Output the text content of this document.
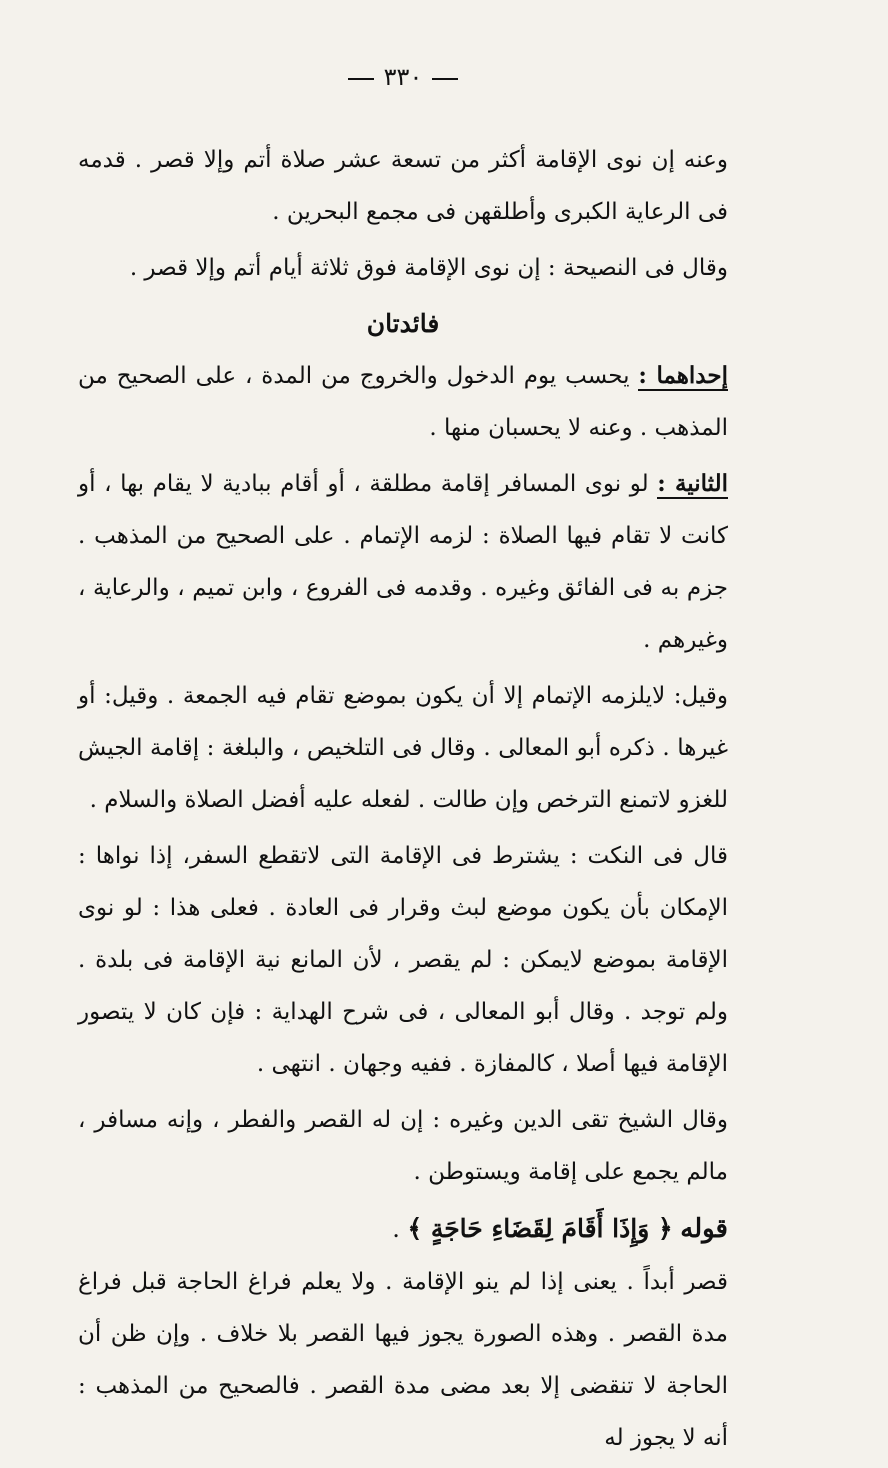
٣٣٠

وعنه إن نوى الإقامة أكثر من تسعة عشر صلاة أتم وإلا قصر . قدمه فى الرعاية الكبرى وأطلقهن فى مجمع البحرين .

وقال فى النصيحة : إن نوى الإقامة فوق ثلاثة أيام أتم وإلا قصر .

فائدتان

إحداهما : يحسب يوم الدخول والخروج من المدة ، على الصحيح من المذهب . وعنه لا يحسبان منها .

الثانية : لو نوى المسافر إقامة مطلقة ، أو أقام ببادية لا يقام بها ، أو كانت لا تقام فيها الصلاة : لزمه الإتمام . على الصحيح من المذهب . جزم به فى الفائق وغيره . وقدمه فى الفروع ، وابن تميم ، والرعاية ، وغيرهم .

وقيل: لايلزمه الإتمام إلا أن يكون بموضع تقام فيه الجمعة . وقيل: أو غيرها . ذكره أبو المعالى . وقال فى التلخيص ، والبلغة : إقامة الجيش للغزو لاتمنع الترخص وإن طالت . لفعله عليه أفضل الصلاة والسلام .

قال فى النكت : يشترط فى الإقامة التى لاتقطع السفر، إذا نواها : الإمكان بأن يكون موضع لبث وقرار فى العادة . فعلى هذا : لو نوى الإقامة بموضع لايمكن : لم يقصر ، لأن المانع نية الإقامة فى بلدة . ولم توجد . وقال أبو المعالى ، فى شرح الهداية : فإن كان لا يتصور الإقامة فيها أصلا ، كالمفازة . ففيه وجهان . انتهى .

وقال الشيخ تقى الدين وغيره : إن له القصر والفطر ، وإنه مسافر ، مالم يجمع على إقامة ويستوطن .

قوله ﴿ وَإِذَا أَقَامَ لِقَضَاءِ حَاجَةٍ ﴾ .

قصر أبداً . يعنى إذا لم ينو الإقامة . ولا يعلم فراغ الحاجة قبل فراغ مدة القصر . وهذه الصورة يجوز فيها القصر بلا خلاف . وإن ظن أن الحاجة لا تنقضى إلا بعد مضى مدة القصر . فالصحيح من المذهب : أنه لا يجوز له
